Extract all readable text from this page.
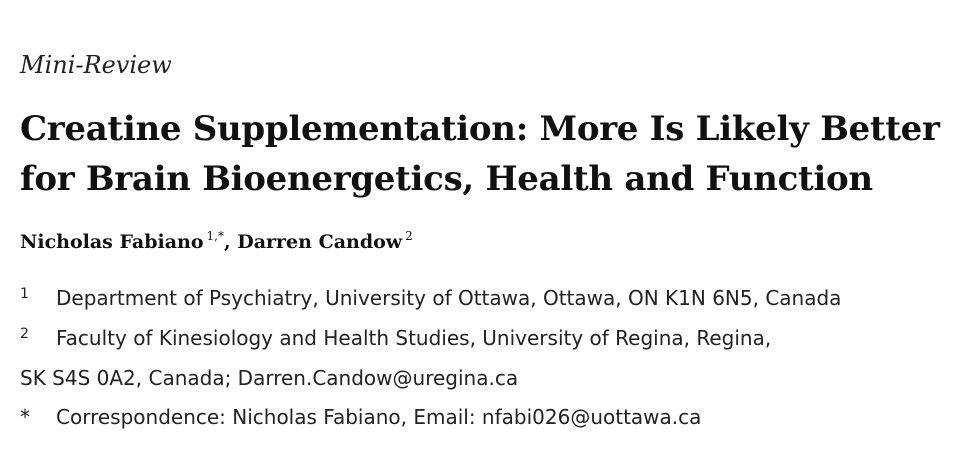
Mini-Review
Creatine Supplementation: More Is Likely Better
for Brain Bioenergetics, Health and Function
Nicholas Fabiano $^{1,*}$, Darren Candow $^2$
1 Department of Psychiatry, University of Ottawa, Ottawa, ON K1N 6N5, Canada
2 Faculty of Kinesiology and Health Studies, University of Regina, Regina,
SK S4S 0A2, Canada; Darren.Candow@uregina.ca
* Correspondence: Nicholas Fabiano, Email: nfabi026@uottawa.ca
